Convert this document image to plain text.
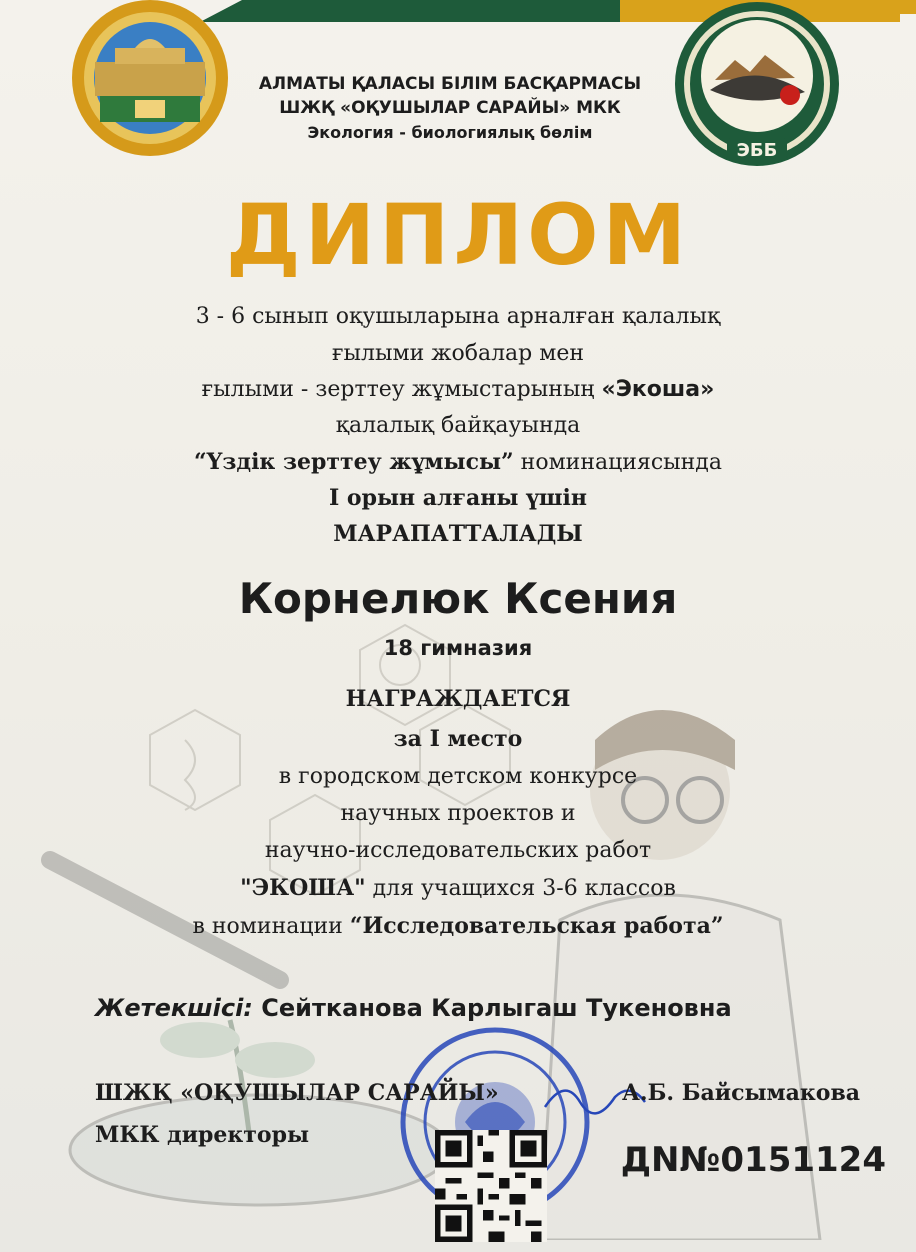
ЭББ
АЛМАТЫ ҚАЛАСЫ БІЛІМ БАСҚАРМАСЫ
ШЖҚ «ОҚУШЫЛАР САРАЙЫ» МКК
Экология - биологиялық бөлім
ДИПЛОМ
3 - 6 сынып оқушыларына арналған қалалық
ғылыми жобалар мен
ғылыми - зерттеу жұмыстарының «Экоша»
қалалық байқауында
“Үздік зерттеу жұмысы” номинациясында
I орын алғаны үшін
МАРАПАТТАЛАДЫ
Корнелюк Ксения
18 гимназия
НАГРАЖДАЕТСЯ
за I место
в городском детском конкурсе
научных проектов и
научно-исследовательских работ
"ЭКОША" для учащихся 3-6 классов
в номинации “Исследовательская работа”
Жетекшісі: Сейтканова Карлыгаш Тукеновна
ШЖҚ «ОҚУШЫЛАР САРАЙЫ»
МКК директоры
А.Б. Байсымакова
ДN№0151124
